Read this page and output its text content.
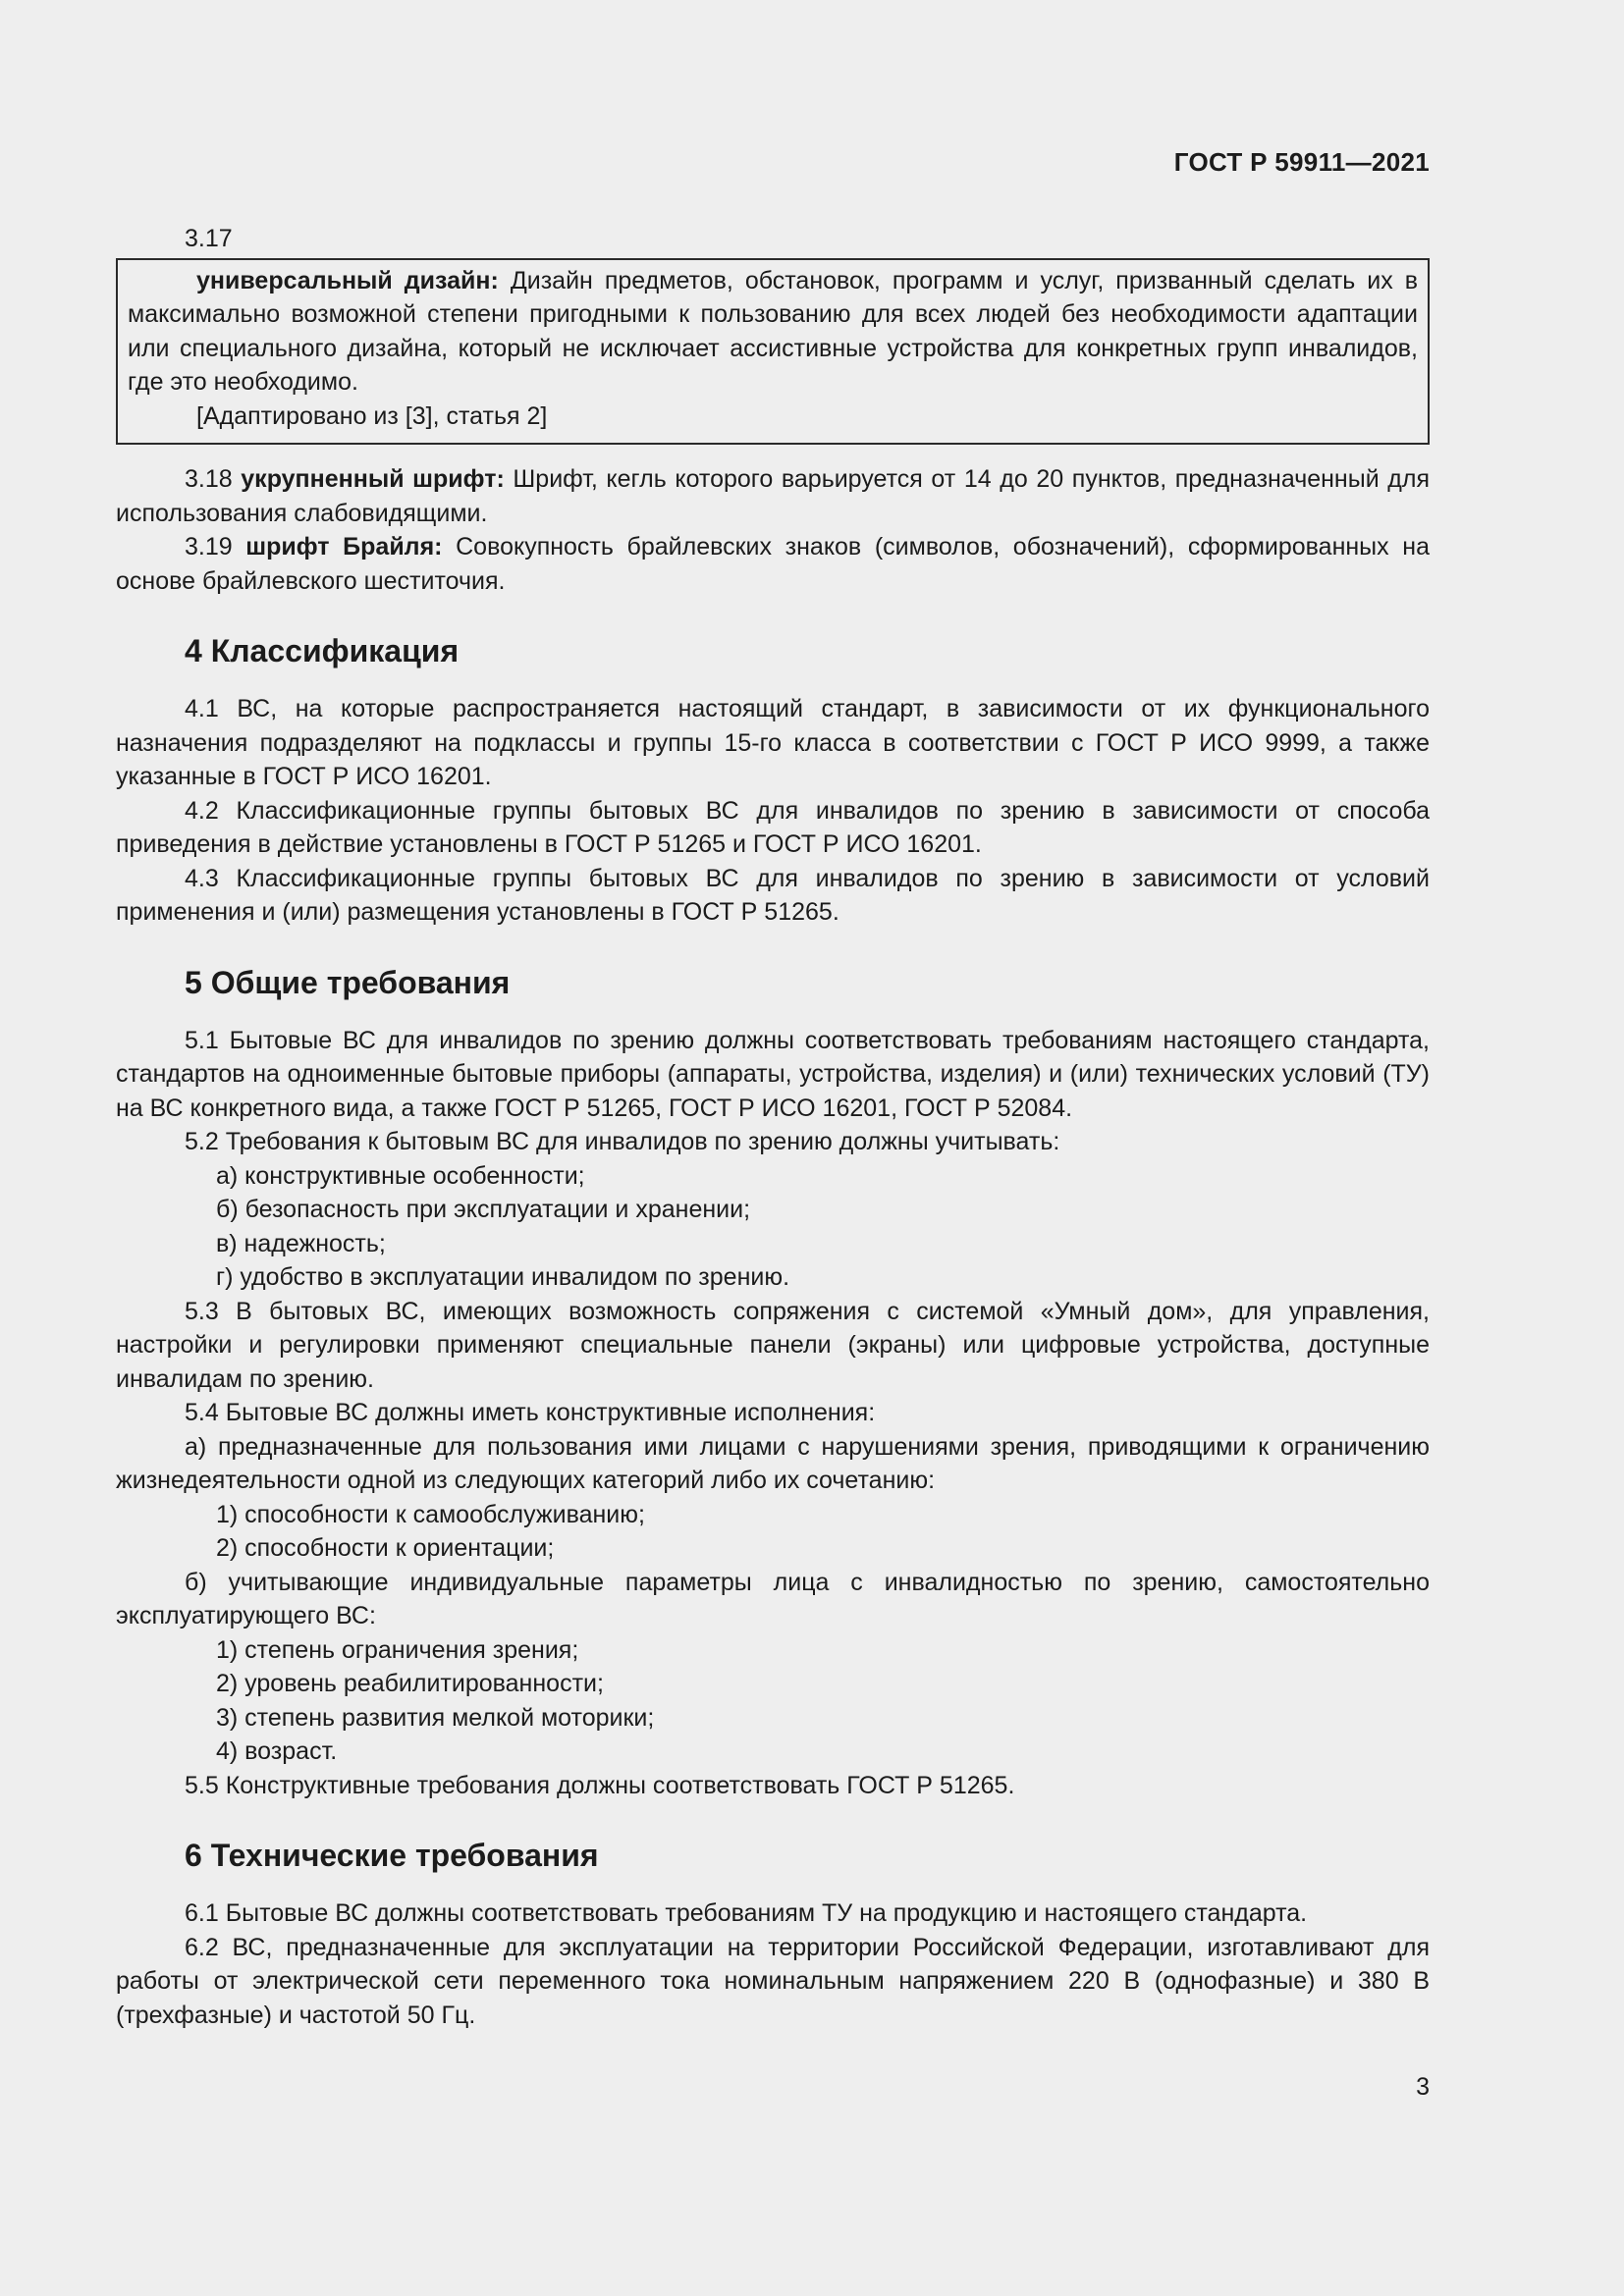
ГОСТ Р 59911—2021

3.17

универсальный дизайн: Дизайн предметов, обстановок, программ и услуг, призванный сделать их в максимально возможной степени пригодными к пользованию для всех людей без необходимости адаптации или специального дизайна, который не исключает ассистивные устройства для конкретных групп инвалидов, где это необходимо.

[Адаптировано из [3], статья 2]

3.18 укрупненный шрифт: Шрифт, кегль которого варьируется от 14 до 20 пунктов, предназначенный для использования слабовидящими.

3.19 шрифт Брайля: Совокупность брайлевских знаков (символов, обозначений), сформированных на основе брайлевского шеститочия.

4 Классификация

4.1 ВС, на которые распространяется настоящий стандарт, в зависимости от их функционального назначения подразделяют на подклассы и группы 15-го класса в соответствии с ГОСТ Р ИСО 9999, а также указанные в ГОСТ Р ИСО 16201.

4.2 Классификационные группы бытовых ВС для инвалидов по зрению в зависимости от способа приведения в действие установлены в ГОСТ Р 51265 и ГОСТ Р ИСО 16201.

4.3 Классификационные группы бытовых ВС для инвалидов по зрению в зависимости от условий применения и (или) размещения установлены в ГОСТ Р 51265.

5 Общие требования

5.1 Бытовые ВС для инвалидов по зрению должны соответствовать требованиям настоящего стандарта, стандартов на одноименные бытовые приборы (аппараты, устройства, изделия) и (или) технических условий (ТУ) на ВС конкретного вида, а также ГОСТ Р 51265, ГОСТ Р ИСО 16201, ГОСТ Р 52084.

5.2 Требования к бытовым ВС для инвалидов по зрению должны учитывать:

а) конструктивные особенности;

б) безопасность при эксплуатации и хранении;

в) надежность;

г) удобство в эксплуатации инвалидом по зрению.

5.3 В бытовых ВС, имеющих возможность сопряжения с системой «Умный дом», для управления, настройки и регулировки применяют специальные панели (экраны) или цифровые устройства, доступные инвалидам по зрению.

5.4 Бытовые ВС должны иметь конструктивные исполнения:

а) предназначенные для пользования ими лицами с нарушениями зрения, приводящими к ограничению жизнедеятельности одной из следующих категорий либо их сочетанию:

1) способности к самообслуживанию;

2) способности к ориентации;

б) учитывающие индивидуальные параметры лица с инвалидностью по зрению, самостоятельно эксплуатирующего ВС:

1) степень ограничения зрения;

2) уровень реабилитированности;

3) степень развития мелкой моторики;

4) возраст.

5.5 Конструктивные требования должны соответствовать ГОСТ Р 51265.

6 Технические требования

6.1 Бытовые ВС должны соответствовать требованиям ТУ на продукцию и настоящего стандарта.

6.2 ВС, предназначенные для эксплуатации на территории Российской Федерации, изготавливают для работы от электрической сети переменного тока номинальным напряжением 220 В (однофазные) и 380 В (трехфазные) и частотой 50 Гц.

3
